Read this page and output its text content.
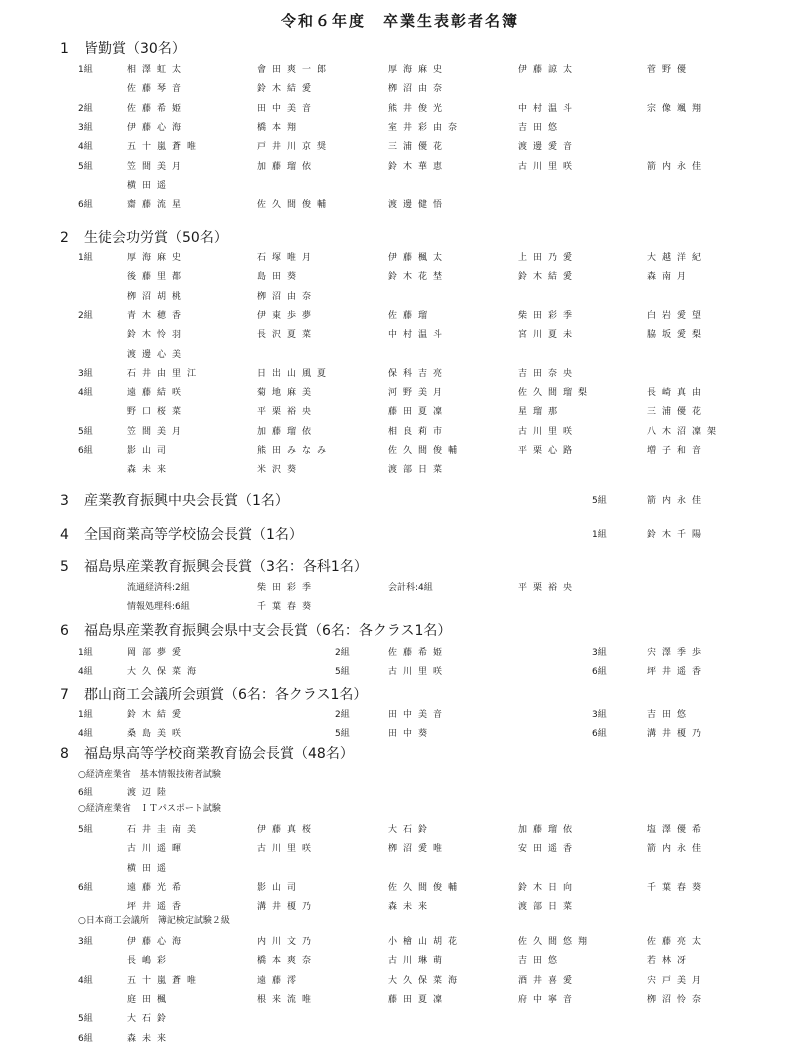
令和６年度　卒業生表彰者名簿
1 皆勤賞（30名）
1組	相澤虹太	會田爽一郎	厚海麻史	伊藤諒太	菅野優
佐藤琴音	鈴木結愛	栁沼由奈
2組	佐藤希姫	田中美音	熊井俊光	中村温斗	宗像颯翔
3組	伊藤心海	橋本翔	室井彩由奈	吉田悠
4組	五十嵐蒼唯	戸井川京奨	三浦優花	渡邊愛音
5組	笠間美月	加藤瑠依	鈴木華恵	古川里咲	箭内永佳
横田遥
6組	齋藤流星	佐久間俊輔	渡邊健悟
2 生徒会功労賞（50名）
1組	厚海麻史	石塚唯月	伊藤楓太	上田乃愛	大越洋紀
後藤里都	島田葵	鈴木花埜	鈴木結愛	森南月
栁沼胡桃	栁沼由奈
2組	青木穂香	伊東歩夢	佐藤瑠	柴田彩季	白岩愛望
鈴木怜羽	長沢夏菜	中村温斗	宮川夏未	脇坂愛梨
渡邊心美
3組	石井由里江	日出山風夏	保科吉亮	吉田奈央
4組	遠藤結咲	菊地麻美	河野美月	佐久間瑠梨	長崎真由
野口桜菜	平栗裕央	藤田夏凜	星瑠那	三浦優花
5組	笠間美月	加藤瑠依	相良莉市	古川里咲	八木沼凜架
6組	影山司	熊田みなみ	佐久間俊輔	平栗心路	増子和音
森未来	米沢葵	渡部日菜
3 産業教育振興中央会長賞（1名）	5組	箭内永佳
4 全国商業高等学校協会長賞（1名）	1組	鈴木千陽
5 福島県産業教育振興会長賞（3名：各科1名）
流通経済科:2組	柴田彩季	会計科:4組	平栗裕央
情報処理科:6組	千葉春葵
6 福島県産業教育振興会県中支会長賞（6名：各クラス1名）
1組	岡部夢愛	2組	佐藤希姫	3組	宍澤季歩
4組	大久保菜海	5組	古川里咲	6組	坪井遥香
7 郡山商工会議所会頭賞（6名：各クラス1名）
1組	鈴木結愛	2組	田中美音	3組	吉田悠
4組	桑島美咲	5組	田中葵	6組	溝井榎乃
8 福島県高等学校商業教育協会長賞（48名）
○経済産業省　基本情報技術者試験
6組	渡辺陸
○経済産業省　ＩＴパスポート試験
5組	石井圭南美	伊藤真桜	大石鈴	加藤瑠依	塩澤優希
古川遥暉	古川里咲	栁沼愛唯	安田遥香	箭内永佳
横田遥
6組	遠藤光希	影山司	佐久間俊輔	鈴木日向	千葉春葵
坪井遥香	溝井榎乃	森未来	渡部日菜
○日本商工会議所　簿記検定試験２級
3組	伊藤心海	内川文乃	小檜山胡花	佐久間悠翔	佐藤亮太
長嶋彩	橋本爽奈	古川琳萌	吉田悠	若林冴
4組	五十嵐蒼唯	遠藤澪	大久保菜海	酒井喜愛	宍戸美月
庭田楓	根来流唯	藤田夏凜	府中寧音	栁沼怜奈
5組	大石鈴
6組	森未来
